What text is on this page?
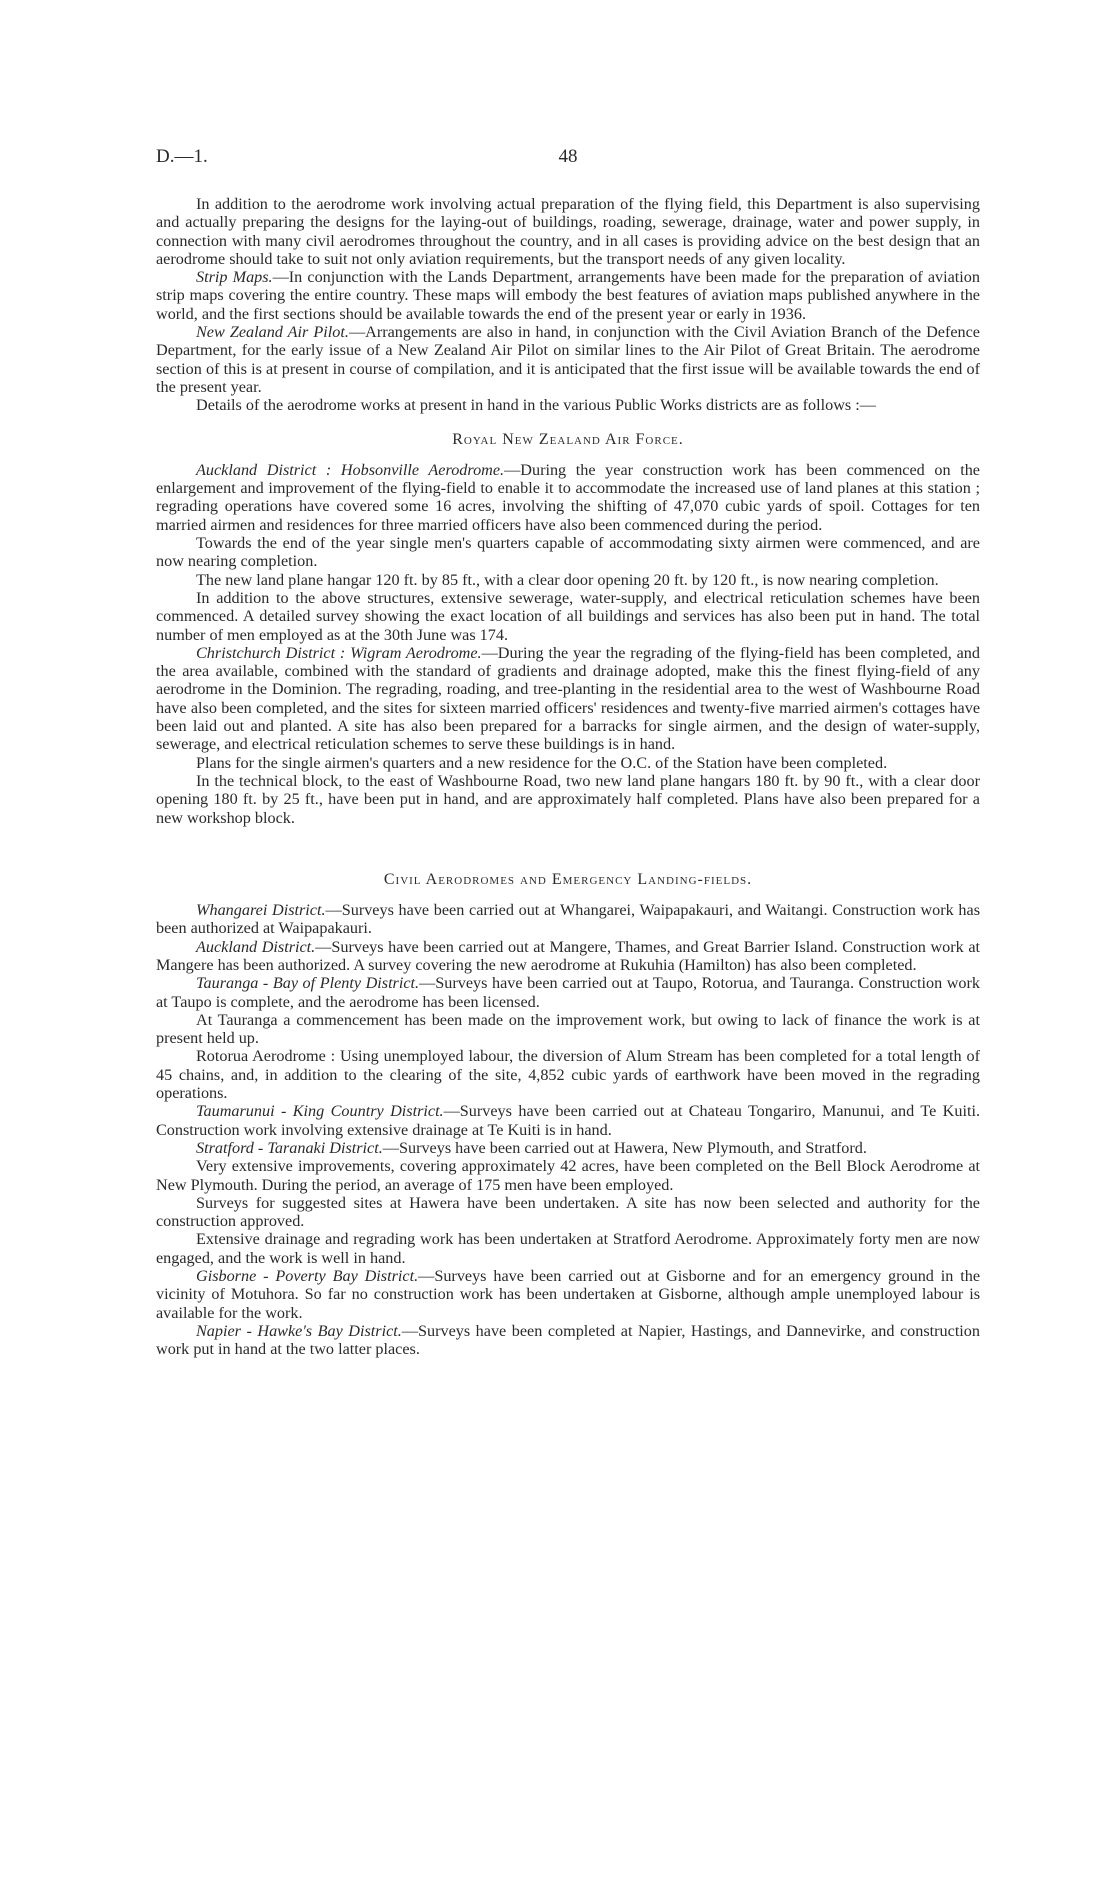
D.—1.	48

In addition to the aerodrome work involving actual preparation of the flying field, this Department is also supervising and actually preparing the designs for the laying-out of buildings, roading, sewerage, drainage, water and power supply, in connection with many civil aerodromes throughout the country, and in all cases is providing advice on the best design that an aerodrome should take to suit not only aviation requirements, but the transport needs of any given locality.

Strip Maps.—In conjunction with the Lands Department, arrangements have been made for the preparation of aviation strip maps covering the entire country. These maps will embody the best features of aviation maps published anywhere in the world, and the first sections should be available towards the end of the present year or early in 1936.

New Zealand Air Pilot.—Arrangements are also in hand, in conjunction with the Civil Aviation Branch of the Defence Department, for the early issue of a New Zealand Air Pilot on similar lines to the Air Pilot of Great Britain. The aerodrome section of this is at present in course of compilation, and it is anticipated that the first issue will be available towards the end of the present year.

Details of the aerodrome works at present in hand in the various Public Works districts are as follows :—

Royal New Zealand Air Force.

Auckland District : Hobsonville Aerodrome.—During the year construction work has been commenced on the enlargement and improvement of the flying-field to enable it to accommodate the increased use of land planes at this station ; regrading operations have covered some 16 acres, involving the shifting of 47,070 cubic yards of spoil. Cottages for ten married airmen and residences for three married officers have also been commenced during the period.

Towards the end of the year single men's quarters capable of accommodating sixty airmen were commenced, and are now nearing completion.

The new land plane hangar 120 ft. by 85 ft., with a clear door opening 20 ft. by 120 ft., is now nearing completion.

In addition to the above structures, extensive sewerage, water-supply, and electrical reticulation schemes have been commenced. A detailed survey showing the exact location of all buildings and services has also been put in hand. The total number of men employed as at the 30th June was 174.

Christchurch District : Wigram Aerodrome.—During the year the regrading of the flying-field has been completed, and the area available, combined with the standard of gradients and drainage adopted, make this the finest flying-field of any aerodrome in the Dominion. The regrading, roading, and tree-planting in the residential area to the west of Washbourne Road have also been completed, and the sites for sixteen married officers' residences and twenty-five married airmen's cottages have been laid out and planted. A site has also been prepared for a barracks for single airmen, and the design of water-supply, sewerage, and electrical reticulation schemes to serve these buildings is in hand.

Plans for the single airmen's quarters and a new residence for the O.C. of the Station have been completed.

In the technical block, to the east of Washbourne Road, two new land plane hangars 180 ft. by 90 ft., with a clear door opening 180 ft. by 25 ft., have been put in hand, and are approximately half completed. Plans have also been prepared for a new workshop block.

Civil Aerodromes and Emergency Landing-fields.

Whangarei District.—Surveys have been carried out at Whangarei, Waipapakauri, and Waitangi. Construction work has been authorized at Waipapakauri.

Auckland District.—Surveys have been carried out at Mangere, Thames, and Great Barrier Island. Construction work at Mangere has been authorized. A survey covering the new aerodrome at Rukuhia (Hamilton) has also been completed.

Tauranga - Bay of Plenty District.—Surveys have been carried out at Taupo, Rotorua, and Tauranga. Construction work at Taupo is complete, and the aerodrome has been licensed.

At Tauranga a commencement has been made on the improvement work, but owing to lack of finance the work is at present held up.

Rotorua Aerodrome : Using unemployed labour, the diversion of Alum Stream has been completed for a total length of 45 chains, and, in addition to the clearing of the site, 4,852 cubic yards of earthwork have been moved in the regrading operations.

Taumarunui - King Country District.—Surveys have been carried out at Chateau Tongariro, Manunui, and Te Kuiti. Construction work involving extensive drainage at Te Kuiti is in hand.

Stratford - Taranaki District.—Surveys have been carried out at Hawera, New Plymouth, and Stratford.

Very extensive improvements, covering approximately 42 acres, have been completed on the Bell Block Aerodrome at New Plymouth. During the period, an average of 175 men have been employed.

Surveys for suggested sites at Hawera have been undertaken. A site has now been selected and authority for the construction approved.

Extensive drainage and regrading work has been undertaken at Stratford Aerodrome. Approximately forty men are now engaged, and the work is well in hand.

Gisborne - Poverty Bay District.—Surveys have been carried out at Gisborne and for an emergency ground in the vicinity of Motuhora. So far no construction work has been undertaken at Gisborne, although ample unemployed labour is available for the work.

Napier - Hawke's Bay District.—Surveys have been completed at Napier, Hastings, and Dannevirke, and construction work put in hand at the two latter places.
